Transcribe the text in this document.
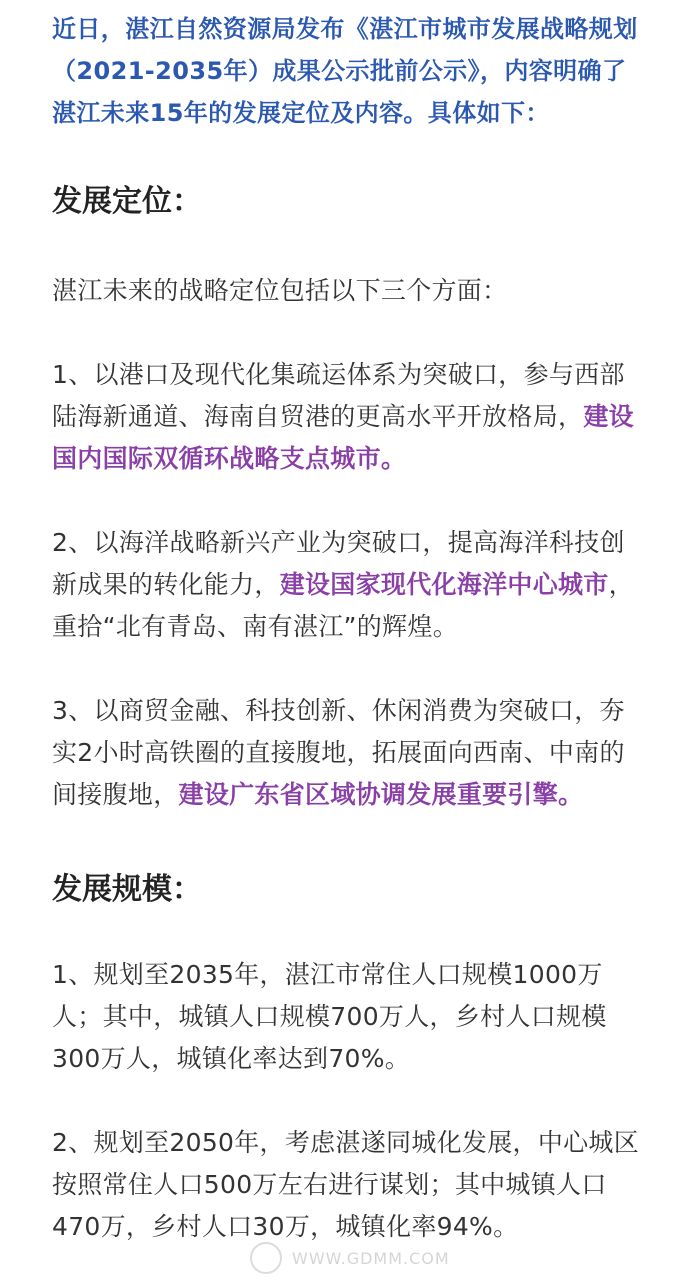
近日，湛江自然资源局发布《湛江市城市发展战略规划（2021-2035年）成果公示批前公示》，内容明确了湛江未来15年的发展定位及内容。具体如下：

发展定位：

湛江未来的战略定位包括以下三个方面：

1、以港口及现代化集疏运体系为突破口，参与西部陆海新通道、海南自贸港的更高水平开放格局，建设国内国际双循环战略支点城市。

2、以海洋战略新兴产业为突破口，提高海洋科技创新成果的转化能力，建设国家现代化海洋中心城市，重拾“北有青岛、南有湛江”的辉煌。

3、以商贸金融、科技创新、休闲消费为突破口，夯实2小时高铁圈的直接腹地，拓展面向西南、中南的间接腹地，建设广东省区域协调发展重要引擎。

发展规模：

1、规划至2035年，湛江市常住人口规模1000万人；其中，城镇人口规模700万人，乡村人口规模300万人，城镇化率达到70%。

2、规划至2050年，考虑湛遂同城化发展，中心城区按照常住人口500万左右进行谋划；其中城镇人口470万，乡村人口30万，城镇化率94%。

WWW.GDMM.COM
